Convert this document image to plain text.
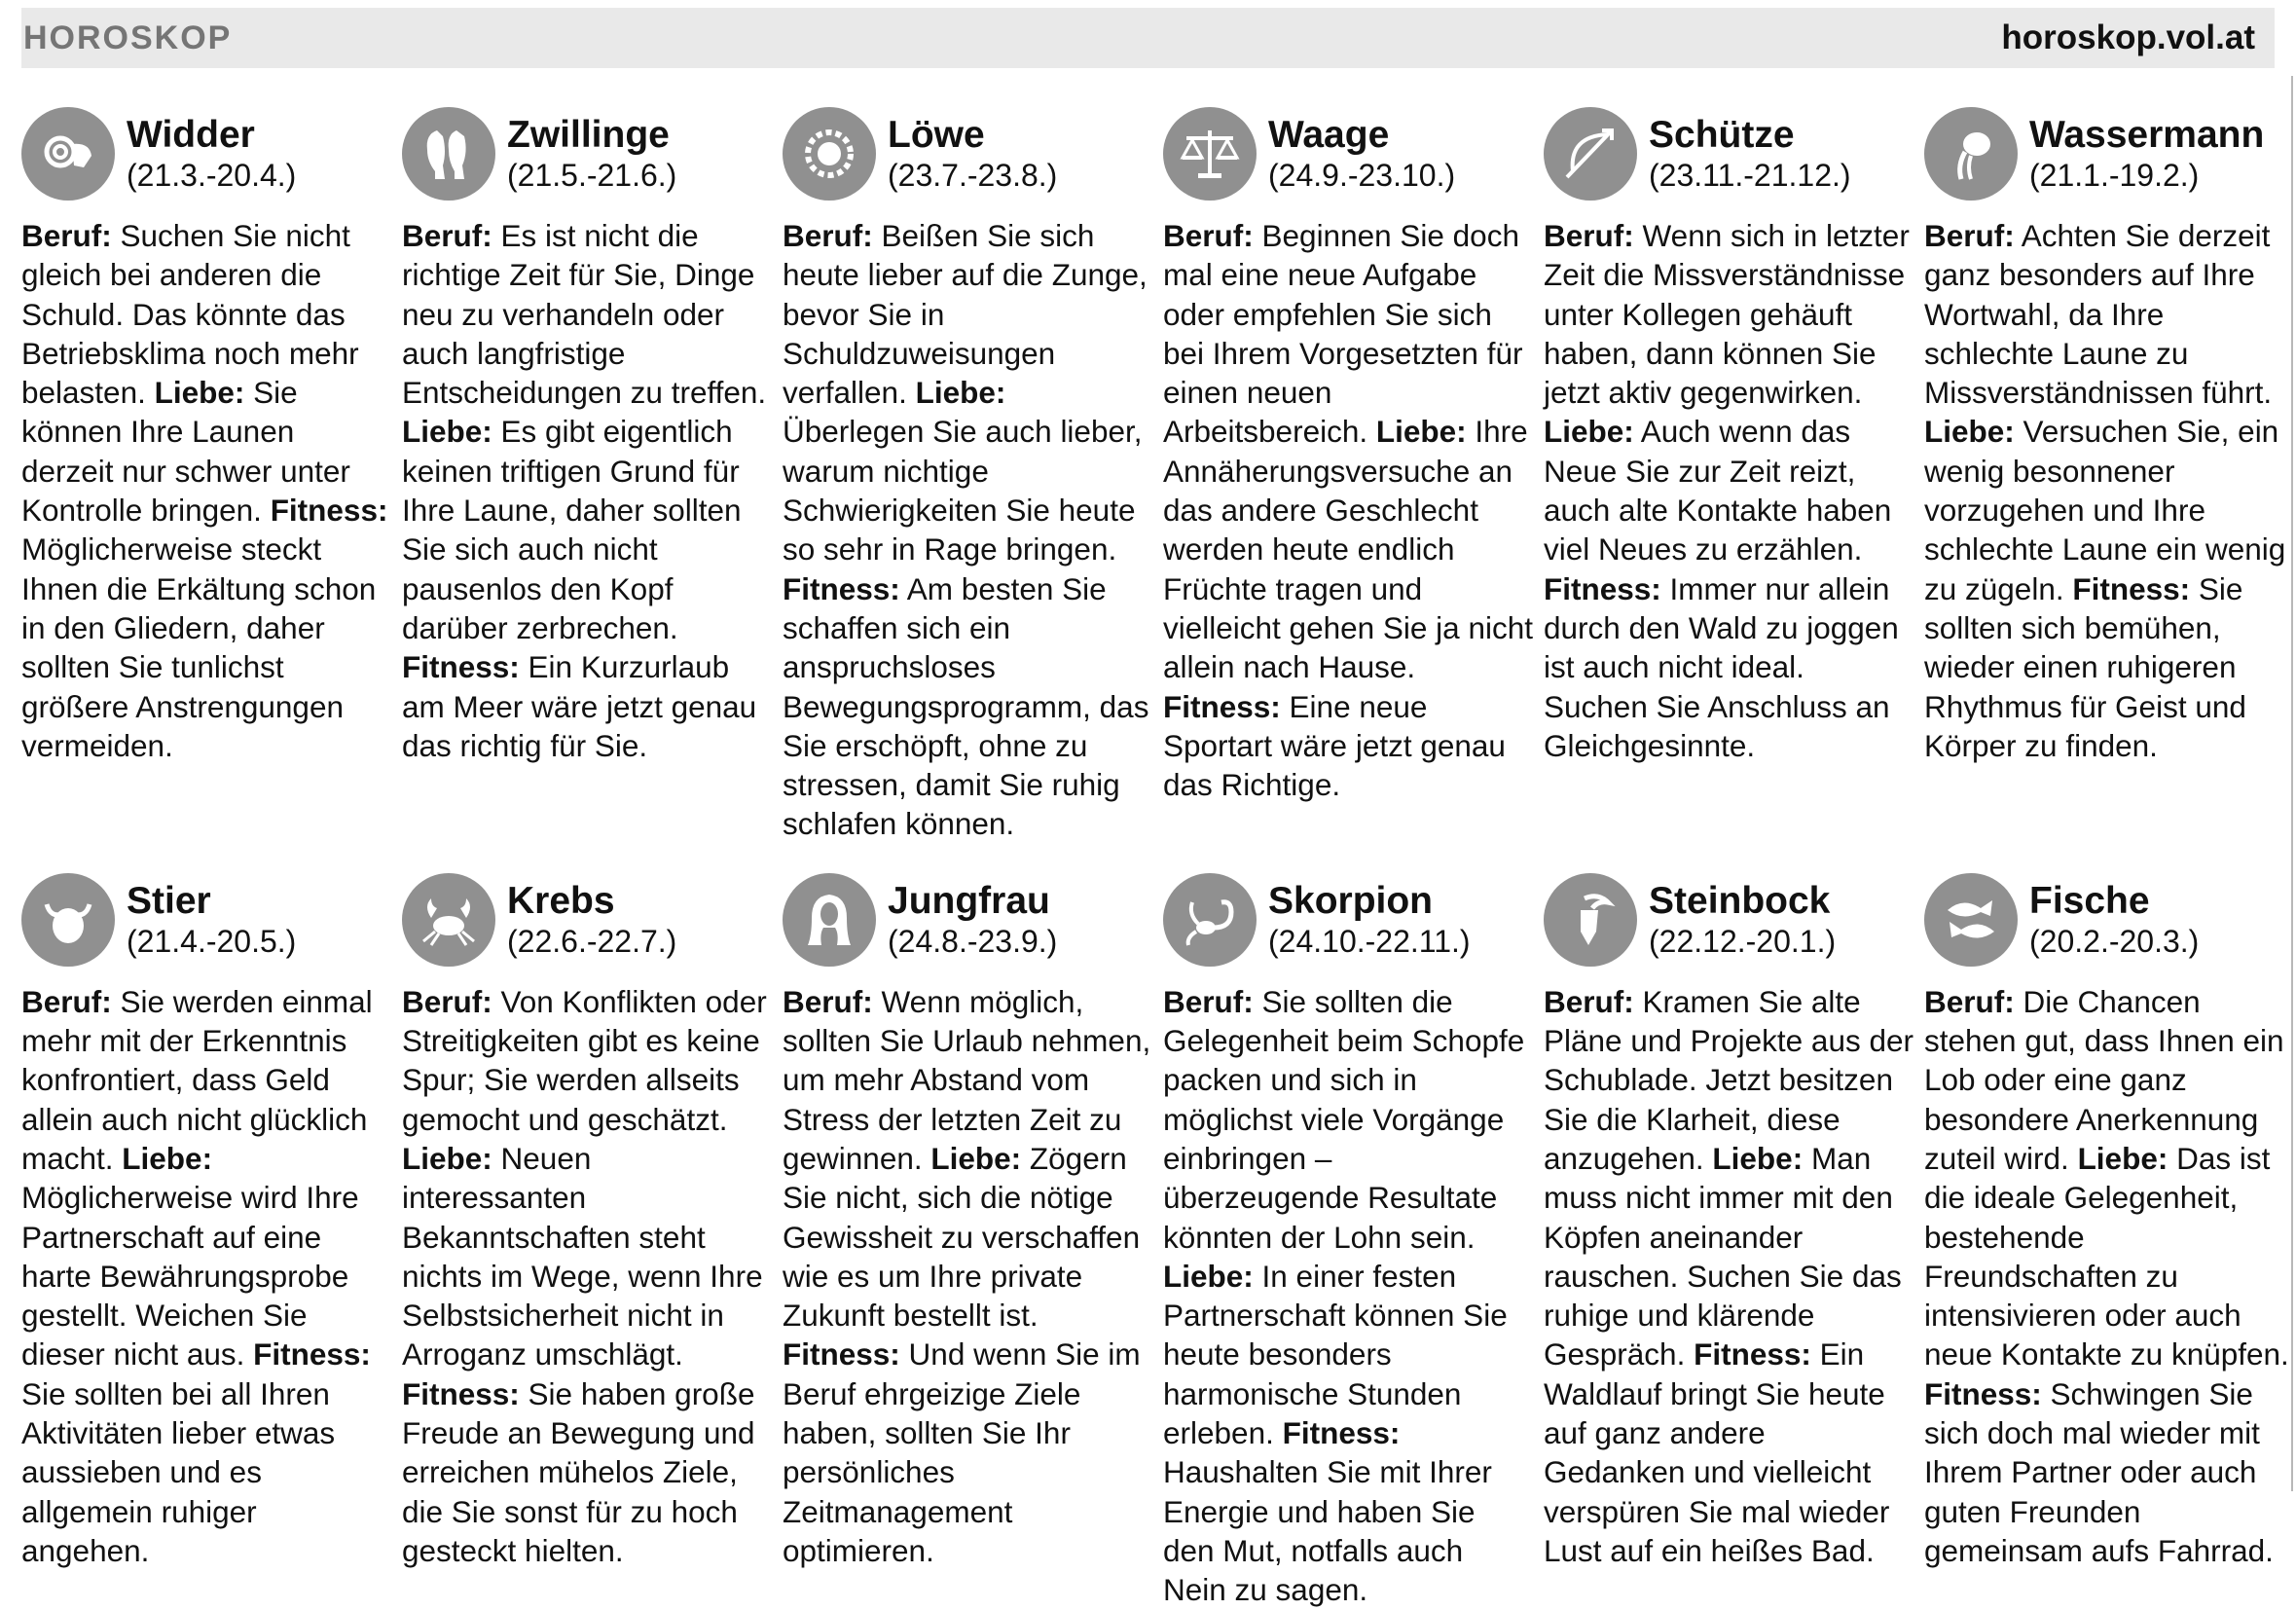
HOROSKOP	horoskop.vol.at
Widder
(21.3.-20.4.)
Beruf: Suchen Sie nicht gleich bei anderen die Schuld. Das könnte das Betriebsklima noch mehr belasten. Liebe: Sie können Ihre Launen derzeit nur schwer unter Kontrolle bringen. Fitness: Möglicherweise steckt Ihnen die Erkältung schon in den Gliedern, daher sollten Sie tunlichst größere Anstrengungen vermeiden.
Zwillinge
(21.5.-21.6.)
Beruf: Es ist nicht die richtige Zeit für Sie, Dinge neu zu verhandeln oder auch langfristige Entscheidungen zu treffen. Liebe: Es gibt eigentlich keinen triftigen Grund für Ihre Laune, daher sollten Sie sich auch nicht pausenlos den Kopf darüber zerbrechen. Fitness: Ein Kurzurlaub am Meer wäre jetzt genau das richtig für Sie.
Löwe
(23.7.-23.8.)
Beruf: Beißen Sie sich heute lieber auf die Zunge, bevor Sie in Schuldzuweisungen verfallen. Liebe: Überlegen Sie auch lieber, warum nichtige Schwierigkeiten Sie heute so sehr in Rage bringen. Fitness: Am besten Sie schaffen sich ein anspruchsloses Bewegungsprogramm, das Sie erschöpft, ohne zu stressen, damit Sie ruhig schlafen können.
Waage
(24.9.-23.10.)
Beruf: Beginnen Sie doch mal eine neue Aufgabe oder empfehlen Sie sich bei Ihrem Vorgesetzten für einen neuen Arbeitsbereich. Liebe: Ihre Annäherungsversuche an das andere Geschlecht werden heute endlich Früchte tragen und vielleicht gehen Sie ja nicht allein nach Hause. Fitness: Eine neue Sportart wäre jetzt genau das Richtige.
Schütze
(23.11.-21.12.)
Beruf: Wenn sich in letzter Zeit die Missverständnisse unter Kollegen gehäuft haben, dann können Sie jetzt aktiv gegenwirken. Liebe: Auch wenn das Neue Sie zur Zeit reizt, auch alte Kontakte haben viel Neues zu erzählen. Fitness: Immer nur allein durch den Wald zu joggen ist auch nicht ideal. Suchen Sie Anschluss an Gleichgesinnte.
Wassermann
(21.1.-19.2.)
Beruf: Achten Sie derzeit ganz besonders auf Ihre Wortwahl, da Ihre schlechte Laune zu Missverständnissen führt. Liebe: Versuchen Sie, ein wenig besonnener vorzugehen und Ihre schlechte Laune ein wenig zu zügeln. Fitness: Sie sollten sich bemühen, wieder einen ruhigeren Rhythmus für Geist und Körper zu finden.
Stier
(21.4.-20.5.)
Beruf: Sie werden einmal mehr mit der Erkenntnis konfrontiert, dass Geld allein auch nicht glücklich macht. Liebe: Möglicherweise wird Ihre Partnerschaft auf eine harte Bewährungsprobe gestellt. Weichen Sie dieser nicht aus. Fitness: Sie sollten bei all Ihren Aktivitäten lieber etwas aussieben und es allgemein ruhiger angehen.
Krebs
(22.6.-22.7.)
Beruf: Von Konflikten oder Streitigkeiten gibt es keine Spur; Sie werden allseits gemocht und geschätzt. Liebe: Neuen interessanten Bekanntschaften steht nichts im Wege, wenn Ihre Selbstsicherheit nicht in Arroganz umschlägt. Fitness: Sie haben große Freude an Bewegung und erreichen mühelos Ziele, die Sie sonst für zu hoch gesteckt hielten.
Jungfrau
(24.8.-23.9.)
Beruf: Wenn möglich, sollten Sie Urlaub nehmen, um mehr Abstand vom Stress der letzten Zeit zu gewinnen. Liebe: Zögern Sie nicht, sich die nötige Gewissheit zu verschaffen wie es um Ihre private Zukunft bestellt ist. Fitness: Und wenn Sie im Beruf ehrgeizige Ziele haben, sollten Sie Ihr persönliches Zeitmanagement optimieren.
Skorpion
(24.10.-22.11.)
Beruf: Sie sollten die Gelegenheit beim Schopfe packen und sich in möglichst viele Vorgänge einbringen – überzeugende Resultate könnten der Lohn sein. Liebe: In einer festen Partnerschaft können Sie heute besonders harmonische Stunden erleben. Fitness: Haushalten Sie mit Ihrer Energie und haben Sie den Mut, notfalls auch Nein zu sagen.
Steinbock
(22.12.-20.1.)
Beruf: Kramen Sie alte Pläne und Projekte aus der Schublade. Jetzt besitzen Sie die Klarheit, diese anzugehen. Liebe: Man muss nicht immer mit den Köpfen aneinander rauschen. Suchen Sie das ruhige und klärende Gespräch. Fitness: Ein Waldlauf bringt Sie heute auf ganz andere Gedanken und vielleicht verspüren Sie mal wieder Lust auf ein heißes Bad.
Fische
(20.2.-20.3.)
Beruf: Die Chancen stehen gut, dass Ihnen ein Lob oder eine ganz besondere Anerkennung zuteil wird. Liebe: Das ist die ideale Gelegenheit, bestehende Freundschaften zu intensivieren oder auch neue Kontakte zu knüpfen. Fitness: Schwingen Sie sich doch mal wieder mit Ihrem Partner oder auch guten Freunden gemeinsam aufs Fahrrad.
